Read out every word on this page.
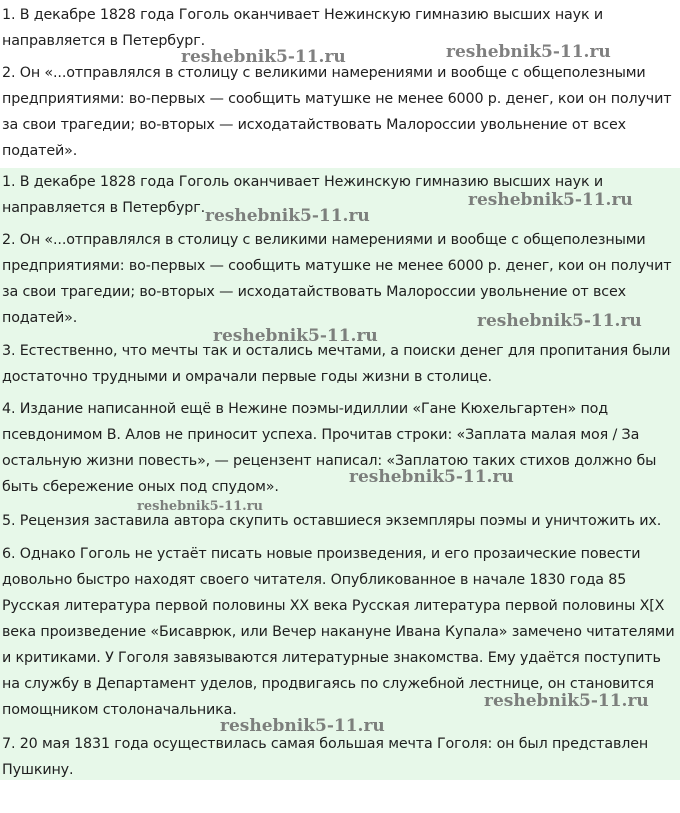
1. В декабре 1828 года Гоголь оканчивает Нежинскую гимназию высших наук и направляется в Петербург.

2. Он «...отправлялся в столицу с великими намерениями и вообще с общеполезными предприятиями: во-первых — сообщить матушке не менее 6000 р. денег, кои он получит за свои трагедии; во-вторых — исходатайствовать Малороссии увольнение от всех податей».

1. В декабре 1828 года Гоголь оканчивает Нежинскую гимназию высших наук и направляется в Петербург.

2. Он «...отправлялся в столицу с великими намерениями и вообще с общеполезными предприятиями: во-первых — сообщить матушке не менее 6000 р. денег, кои он получит за свои трагедии; во-вторых — исходатайствовать Малороссии увольнение от всех податей».

3. Естественно, что мечты так и остались мечтами, а поиски денег для пропитания были достаточно трудными и омрачали первые годы жизни в столице.

4. Издание написанной ещё в Нежине поэмы-идиллии «Гане Кюхельгартен» под псевдонимом В. Алов не приносит успеха. Прочитав строки: «Заплата малая моя / За остальную жизни повесть», — рецензент написал: «Заплатою таких стихов должно бы быть сбережение оных под спудом».

5. Рецензия заставила автора скупить оставшиеся экземпляры поэмы и уничтожить их.

6. Однако Гоголь не устаёт писать новые произведения, и его прозаические повести довольно быстро находят своего читателя. Опубликованное в начале 1830 года 85 Русская литература первой половины XX века Русская литература первой половины Х[Х века произведение «Бисаврюк, или Вечер накануне Ивана Купала» замечено читателями и критиками. У Гоголя завязываются литературные знакомства. Ему удаётся поступить на службу в Департамент уделов, продвигаясь по служебной лестнице, он становится помощником столоначальника.

7. 20 мая 1831 года осуществилась самая большая мечта Гоголя: он был представлен Пушкину.

reshebnik5-11.ru	reshebnik5-11.ru
reshebnik5-11.ru
reshebnik5-11.ru
reshebnik5-11.ru
reshebnik5-11.ru
reshebnik5-11.ru
reshebnik5-11.ru
reshebnik5-11.ru
reshebnik5-11.ru
